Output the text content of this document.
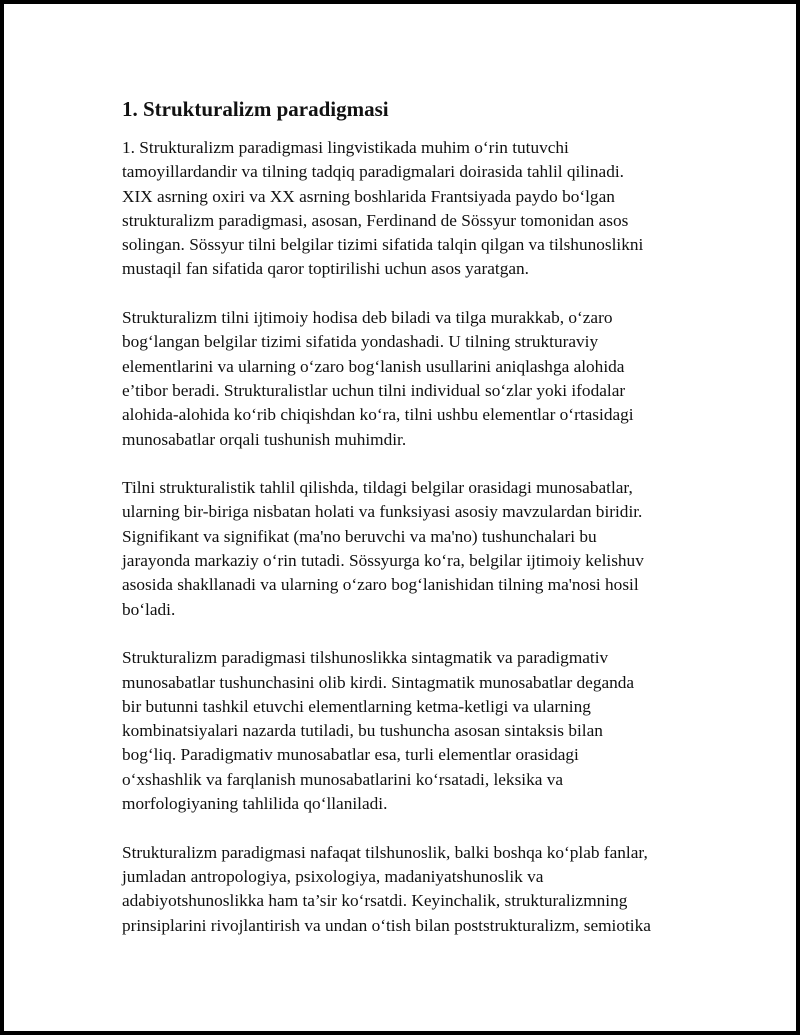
1. Strukturalizm paradigmasi

1. Strukturalizm paradigmasi lingvistikada muhim o‘rin tutuvchi
tamoyillardandir va tilning tadqiq paradigmalari doirasida tahlil qilinadi.
XIX asrning oxiri va XX asrning boshlarida Frantsiyada paydo bo‘lgan
strukturalizm paradigmasi, asosan, Ferdinand de Sössyur tomonidan asos
solingan. Sössyur tilni belgilar tizimi sifatida talqin qilgan va tilshunoslikni
mustaqil fan sifatida qaror toptirilishi uchun asos yaratgan.

Strukturalizm tilni ijtimoiy hodisa deb biladi va tilga murakkab, o‘zaro
bog‘langan belgilar tizimi sifatida yondashadi. U tilning strukturaviy
elementlarini va ularning o‘zaro bog‘lanish usullarini aniqlashga alohida
e’tibor beradi. Strukturalistlar uchun tilni individual so‘zlar yoki ifodalar
alohida-alohida ko‘rib chiqishdan ko‘ra, tilni ushbu elementlar o‘rtasidagi
munosabatlar orqali tushunish muhimdir.

Tilni strukturalistik tahlil qilishda, tildagi belgilar orasidagi munosabatlar,
ularning bir-biriga nisbatan holati va funksiyasi asosiy mavzulardan biridir.
Signifikant va signifikat (ma'no beruvchi va ma'no) tushunchalari bu
jarayonda markaziy o‘rin tutadi. Sössyurga ko‘ra, belgilar ijtimoiy kelishuv
asosida shakllanadi va ularning o‘zaro bog‘lanishidan tilning ma'nosi hosil
bo‘ladi.

Strukturalizm paradigmasi tilshunoslikka sintagmatik va paradigmativ
munosabatlar tushunchasini olib kirdi. Sintagmatik munosabatlar deganda
bir butunni tashkil etuvchi elementlarning ketma-ketligi va ularning
kombinatsiyalari nazarda tutiladi, bu tushuncha asosan sintaksis bilan
bog‘liq. Paradigmativ munosabatlar esa, turli elementlar orasidagi
o‘xshashlik va farqlanish munosabatlarini ko‘rsatadi, leksika va
morfologiyaning tahlilida qo‘llaniladi.

Strukturalizm paradigmasi nafaqat tilshunoslik, balki boshqa ko‘plab fanlar,
jumladan antropologiya, psixologiya, madaniyatshunoslik va
adabiyotshunoslikka ham ta’sir ko‘rsatdi. Keyinchalik, strukturalizmning
prinsiplarini rivojlantirish va undan o‘tish bilan poststrukturalizm, semiotika
